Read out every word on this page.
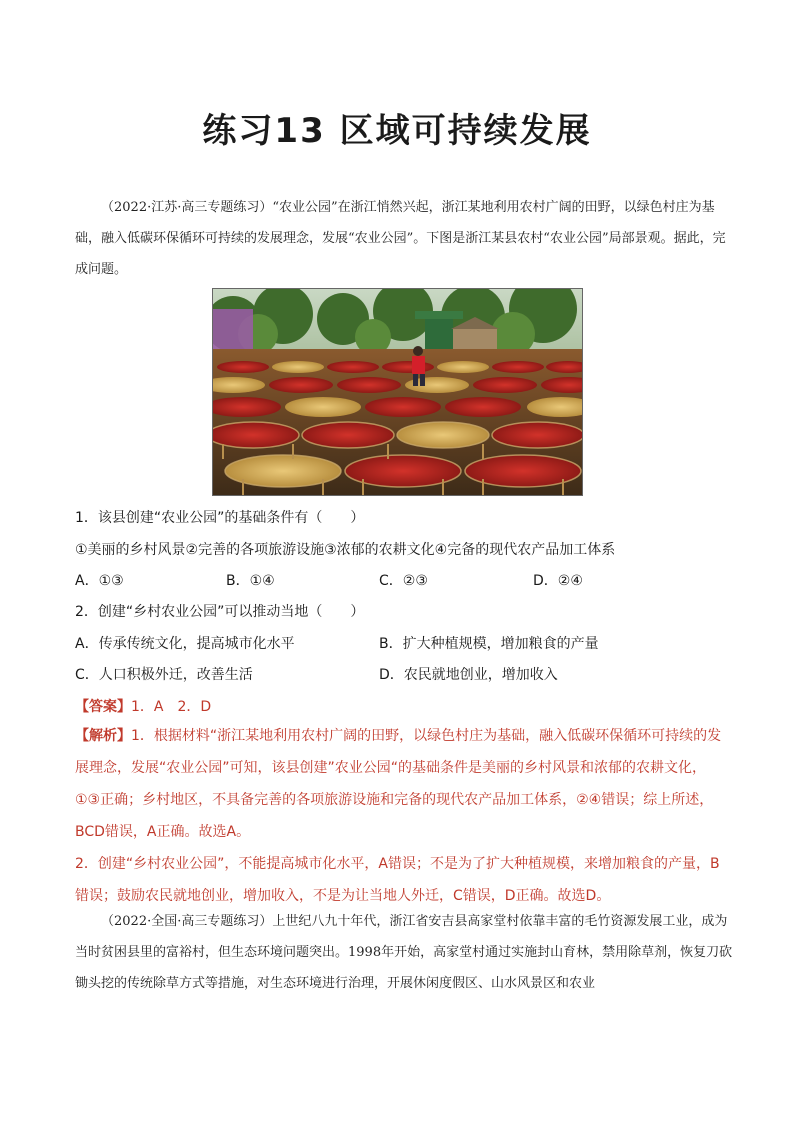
练习13 区域可持续发展

（2022·江苏·高三专题练习）“农业公园”在浙江悄然兴起，浙江某地利用农村广阔的田野，以绿色村庄为基础，融入低碳环保循环可持续的发展理念，发展“农业公园”。下图是浙江某县农村“农业公园”局部景观。据此，完成问题。

1．该县创建“农业公园”的基础条件有（　　）
①美丽的乡村风景②完善的各项旅游设施③浓郁的农耕文化④完备的现代农产品加工体系
A．①③	B．①④	C．②③	D．②④
2．创建“乡村农业公园”可以推动当地（　　）
A．传承传统文化，提高城市化水平	B．扩大种植规模，增加粮食的产量
C．人口积极外迁，改善生活	D．农民就地创业，增加收入
【答案】1．A　2．D

【解析】1．根据材料“浙江某地利用农村广阔的田野，以绿色村庄为基础，融入低碳环保循环可持续的发展理念，发展“农业公园”可知，该县创建”农业公园“的基础条件是美丽的乡村风景和浓郁的农耕文化，①③正确；乡村地区，不具备完善的各项旅游设施和完备的现代农产品加工体系，②④错误；综上所述，BCD错误，A正确。故选A。

2．创建“乡村农业公园”，不能提高城市化水平，A错误；不是为了扩大种植规模，来增加粮食的产量，B错误；鼓励农民就地创业，增加收入，不是为让当地人外迁，C错误，D正确。故选D。

（2022·全国·高三专题练习）上世纪八九十年代，浙江省安吉县高家堂村依靠丰富的毛竹资源发展工业，成为当时贫困县里的富裕村，但生态环境问题突出。1998年开始，高家堂村通过实施封山育林，禁用除草剂，恢复刀砍锄头挖的传统除草方式等措施，对生态环境进行治理，开展休闲度假区、山水风景区和农业
